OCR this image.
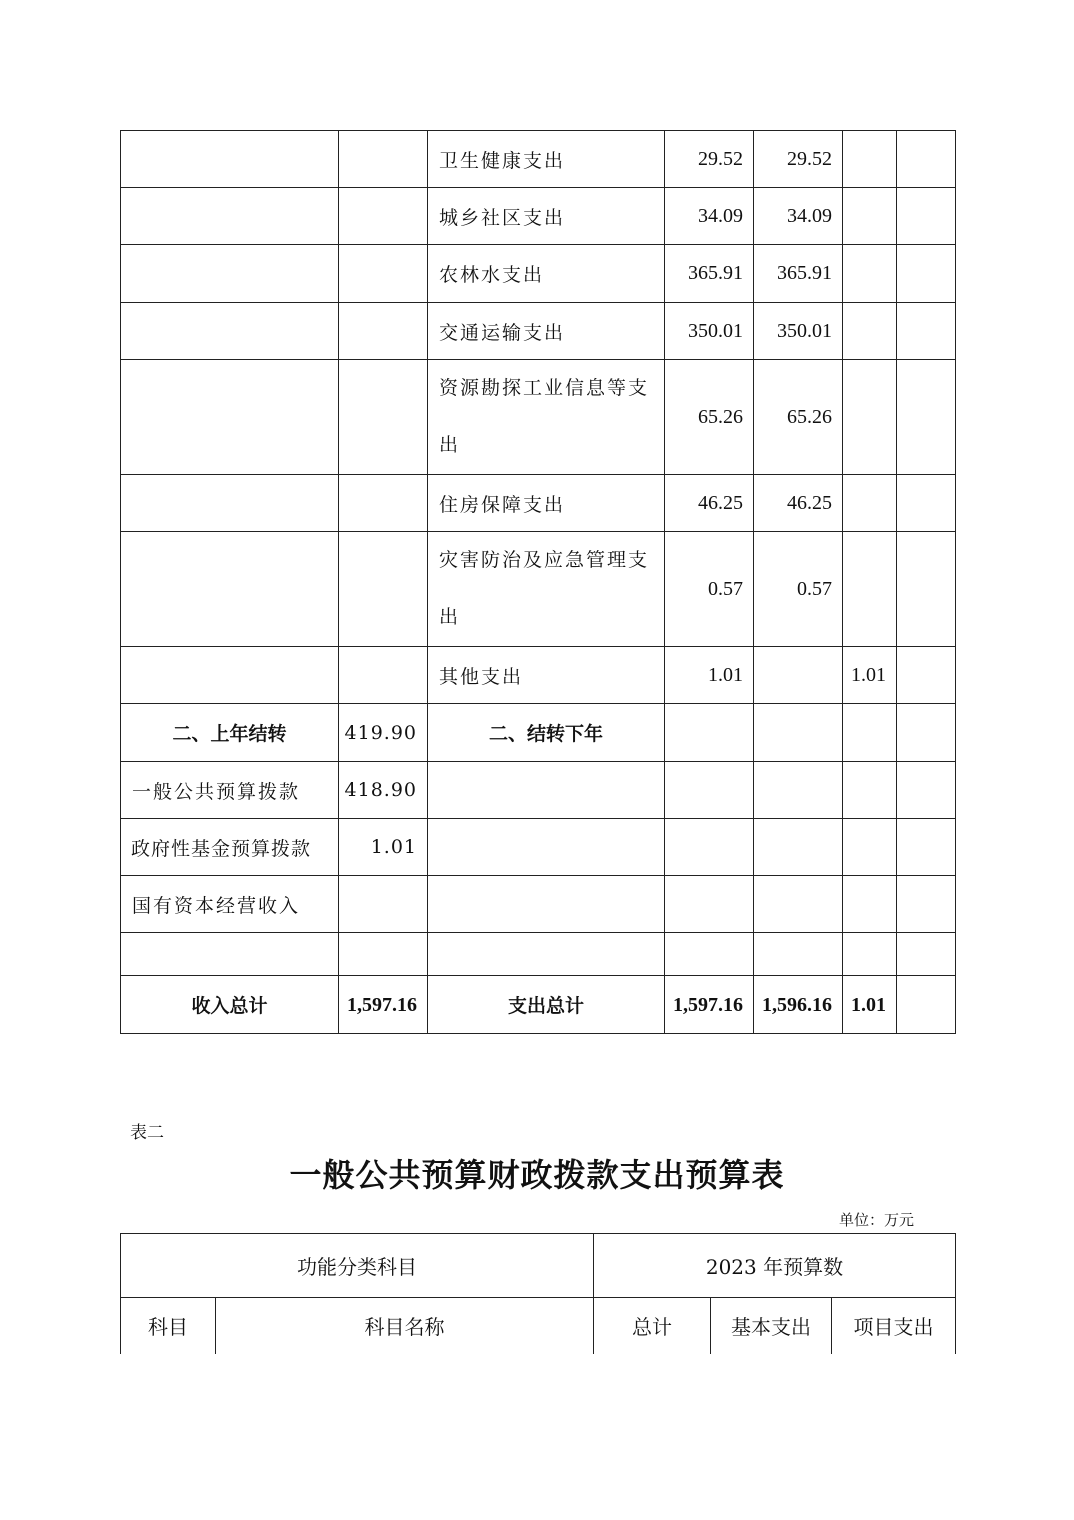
		卫生健康支出	29.52	29.52		
		城乡社区支出	34.09	34.09		
		农林水支出	365.91	365.91		
		交通运输支出	350.01	350.01		
		资源勘探工业信息等支出	65.26	65.26		
		住房保障支出	46.25	46.25		
		灾害防治及应急管理支出	0.57	0.57		
		其他支出	1.01		1.01	
二、上年结转	419.90	二、结转下年				
一般公共预算拨款	418.90					
政府性基金预算拨款	1.01					
国有资本经营收入						

收入总计	1,597.16	支出总计	1,597.16	1,596.16	1.01	
表二
一般公共预算财政拨款支出预算表
单位：万元
功能分类科目		2023 年预算数		
科目	科目名称	总计	基本支出	项目支出
